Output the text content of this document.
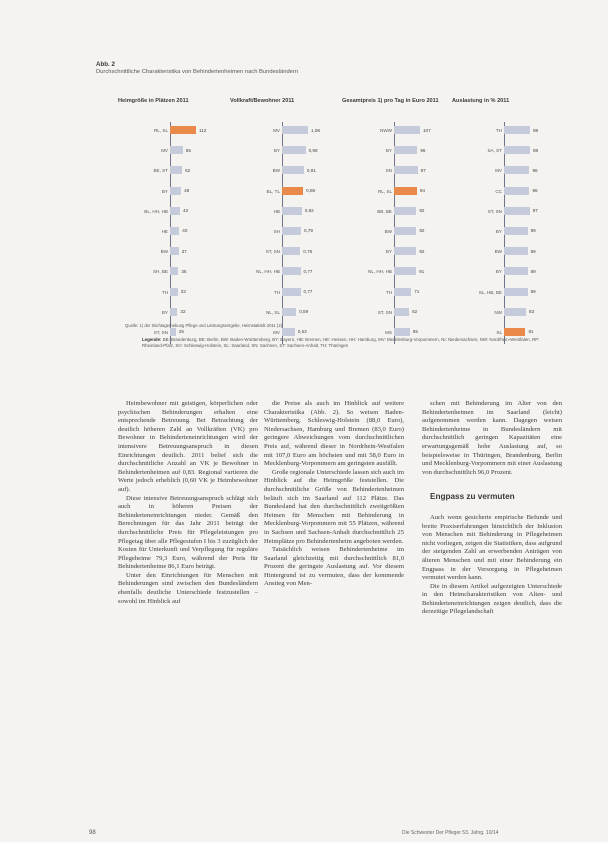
Abb. 2
Durchschnittliche Charakteristika von Behindertenheimen nach Bundesländern
Heimgröße in Plätzen 2011
RL, SL	112
MV	55
BE, ST	52
BY	48
BL, HH, HB	43
HE	40
BW	37
SH, BE	36
TH	33
BY	32
ST, SN 25
Vollkraft/Bewohner 2011
MV	1,08
BY	0,98
BW	0,91
BL, TL	0,88
HB	0,82
SH	0,79
ST, SN	0,76
NL, HH, HB	0,77
TH	0,77
NL, SL	0,59
MV	0,53
Gesamtpreis 1) pro Tag in Euro 2011
NWW	107
BY	96
SN	97
RL, SL	94
BB, BE	92
BW	92
BY	92
NL, HH, HB	91
TH	71
ST, SN	62
MS	65
Auslastung in % 2011
TH	98
SA, ST	98
MV	96
CC	96
ST, SN	97
BY	89
BW	89
BY	89
SL, HB, BE	89
NW	83
SL	81
Quelle: 1) der Stichtagerhebung Pflege und Leistungsentgelte, Heimstatistik 2011 (2)
Legende: BB: Brandenburg, BE: Berlin, BW: Baden-Württemberg, BY: Bayern, HB: Bremen, HE: Hessen, HH: Hamburg, MV: Mecklenburg-Vorpommern, NI: Niedersachsen, NW: Nordrhein-Westfalen, RP: Rheinland-Pfalz, SH: Schleswig-Holstein, SL: Saarland, SN: Sachsen, ST: Sachsen-Anhalt, TH: Thüringen

Heimbewohner mit geistigen, körperlichen oder psychischen Behinderungen erhalten eine entsprechende Betreuung. Bei Betrachtung der deutlich höheren Zahl an Vollkräften (VK) pro Bewohner in Behinderteneinrichtungen wird der intensivere Betreuungsanspruch in diesen Einrichtungen deutlich. 2011 belief sich die durchschnittliche Anzahl an VK je Bewohner in Behindertenheimen auf 0,83. Regional variieren die Werte jedoch erheblich (0,60 VK je Heimbewohner auf).

Diese intensive Betreuungsanspruch schlägt sich auch in höheren Preisen der Behinderteneinrichtungen nieder. Gemäß den Berechnungen für das Jahr 2011 beträgt der durchschnittliche Preis für Pflegeleistungen pro Pflegetag über alle Pflegestufen I bis 3 zuzüglich der Kosten für Unterkunft und Verpflegung für reguläre Pflegeheime 79,3 Euro, während der Preis für Behindertenheime 86,1 Euro beträgt.

Unter den Einrichtungen für Menschen mit Behinderungen sind zwischen den Bundesländern ebenfalls deutliche Unterschiede festzustellen – sowohl im Hinblick auf

die Preise als auch im Hinblick auf weitere Charakteristika (Abb. 2). So weisen Baden-Württemberg, Schleswig-Holstein (88,0 Euro), Niedersachsen, Hamburg und Bremen (83,0 Euro) geringere Abweichungen vom durchschnittlichen Preis auf, während dieser in Nordrhein-Westfalen mit 107,0 Euro am höchsten und mit 58,0 Euro in Mecklenburg-Vorpommern am geringsten ausfällt.

Große regionale Unterschiede lassen sich auch im Hinblick auf die Heimgröße feststellen. Die durchschnittliche Größe von Behindertenheimen beläuft sich im Saarland auf 112 Plätze. Das Bundesland hat den durchschnittlich zweitgrößten Heimen für Menschen mit Behinderung in Mecklenburg-Vorpommern mit 55 Plätzen, während in Sachsen und Sachsen-Anhalt durchschnittlich 25 Heimplätze pro Behindertenheim angeboten werden.

Tatsächlich weisen Behindertenheime im Saarland gleichzeitig mit durchschnittlich 81,0 Prozent die geringste Auslastung auf. Vor diesem Hintergrund ist zu vermuten, dass der kommende Anstieg von Men-

schen mit Behinderung im Alter von den Behindertenheimen im Saarland (leicht) aufgenommen werden kann. Dagegen weisen Behindertenheime in Bundesländern mit durchschnittlich geringen Kapazitäten eine erwartungsgemäß hohe Auslastung auf, so beispielsweise in Thüringen, Brandenburg, Berlin und Mecklenburg-Vorpommern mit einer Auslastung von durchschnittlich 96,0 Prozent.

Engpass zu vermuten

Auch wenn gesicherte empirische Befunde und breite Praxiserfahrungen hinsichtlich der Inklusion von Menschen mit Behinderung in Pflegeheimen nicht vorliegen, zeigen die Statistiken, dass aufgrund der steigenden Zahl an erwerbenden Anträgen von älteren Menschen und mit einer Behinderung ein Engpass in der Versorgung in Pflegeheimen vermutet werden kann.

Die in diesem Artikel aufgezeigten Unterschiede in den Heimcharakteristiken von Alten- und Behinderteneinrichtungen zeigen deutlich, dass die derzeitige Pflegelandschaft

98	Die Schwester Der Pfleger 53. Jahrg. 10/14
